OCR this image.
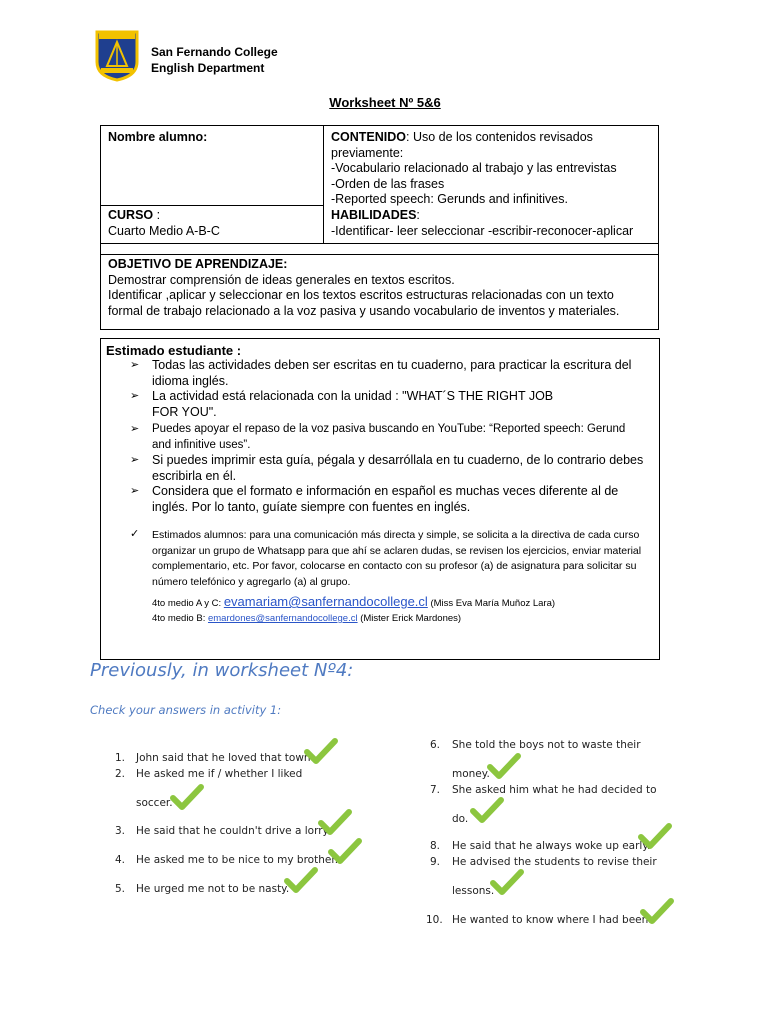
San Fernando College
English Department
Worksheet Nº 5&6
Nombre alumno:	CONTENIDO: Uso de los contenidos revisados
previamente:
-Vocabulario relacionado al trabajo y las entrevistas
-Orden de las frases
-Reported speech: Gerunds and infinitives.
HABILIDADES:
-Identificar- leer seleccionar -escribir-reconocer-aplicar
CURSO :
Cuarto Medio A-B-C
OBJETIVO DE APRENDIZAJE:
Demostrar comprensión de ideas generales en textos escritos.
Identificar ,aplicar y seleccionar en los textos escritos estructuras relacionadas con un texto
formal de trabajo relacionado a la voz pasiva y usando vocabulario de inventos y materiales.
Estimado estudiante :
➢ Todas las actividades deben ser escritas en tu cuaderno, para practicar la escritura del
idioma inglés.
➢ La actividad está relacionada con la unidad : "WHAT´S THE RIGHT JOB
FOR YOU".
➢ Puedes apoyar el repaso de la voz pasiva buscando en YouTube: “Reported speech: Gerund
and infinitive uses”.
➢ Si puedes imprimir esta guía, pégala y desarróllala en tu cuaderno, de lo contrario debes
escribirla en él.
➢ Considera que el formato e información en español es muchas veces diferente al de
inglés. Por lo tanto, guíate siempre con fuentes en inglés.
✓ Estimados alumnos: para una comunicación más directa y simple, se solicita a la directiva de cada curso
organizar un grupo de Whatsapp para que ahí se aclaren dudas, se revisen los ejercicios, enviar material
complementario, etc. Por favor, colocarse en contacto con su profesor (a) de asignatura para solicitar su
número telefónico y agregarlo (a) al grupo.
4to medio A y C: evamariam@sanfernandocollege.cl (Miss Eva María Muñoz Lara)
4to medio B: emardones@sanfernandocollege.cl (Mister Erick Mardones)
Previously, in worksheet Nº4:
Check your answers in activity 1:
1. John said that he loved that town.
2. He asked me if / whether I liked
soccer.
3. He said that he couldn't drive a lorry.
4. He asked me to be nice to my brother.
5. He urged me not to be nasty.
6. She told the boys not to waste their
money.
7. She asked him what he had decided to
do.
8. He said that he always woke up early.
9. He advised the students to revise their
lessons.
10. He wanted to know where I had been.
